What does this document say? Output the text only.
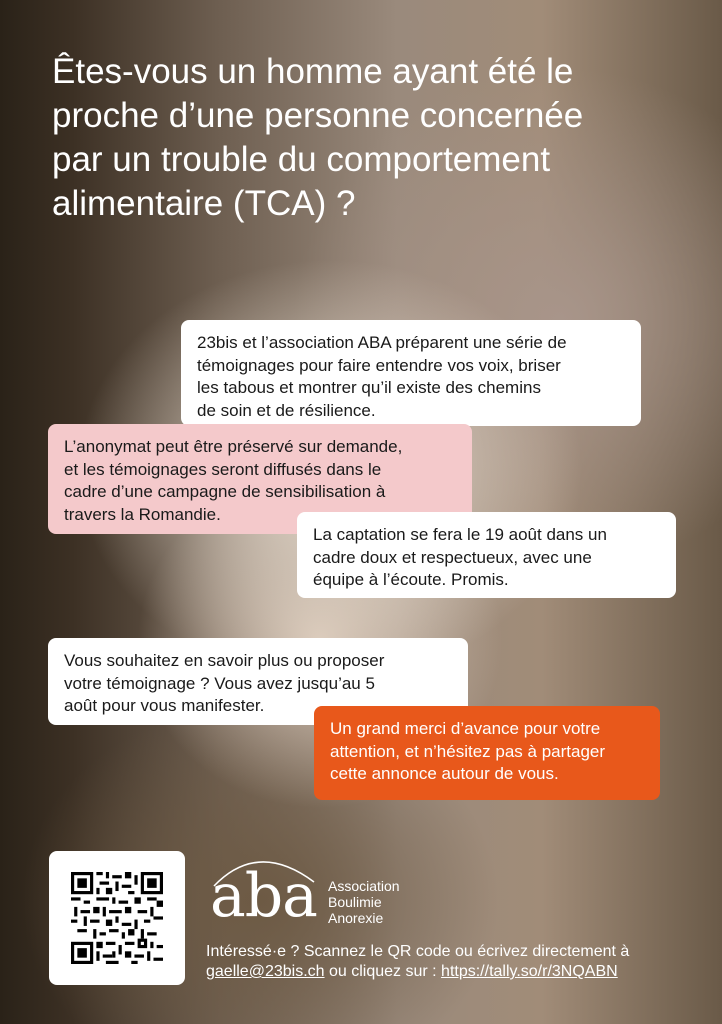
Êtes-vous un homme ayant été le
proche d’une personne concernée
par un trouble du comportement
alimentaire (TCA) ?

23bis et l’association ABA préparent une série de
témoignages pour faire entendre vos voix, briser
les tabous et montrer qu’il existe des chemins
de soin et de résilience.

L’anonymat peut être préservé sur demande,
et les témoignages seront diffusés dans le
cadre d’une campagne de sensibilisation à
travers la Romandie.

La captation se fera le 19 août dans un
cadre doux et respectueux, avec une
équipe à l’écoute. Promis.

Vous souhaitez en savoir plus ou proposer
votre témoignage ? Vous avez jusqu’au 5
août pour vous manifester.

Un grand merci d’avance pour votre
attention, et n’hésitez pas à partager
cette annonce autour de vous.

aba Association
Boulimie
Anorexie

Intéressé·e ? Scannez le QR code ou écrivez directement à

gaelle@23bis.ch ou cliquez sur : https://tally.so/r/3NQABN
